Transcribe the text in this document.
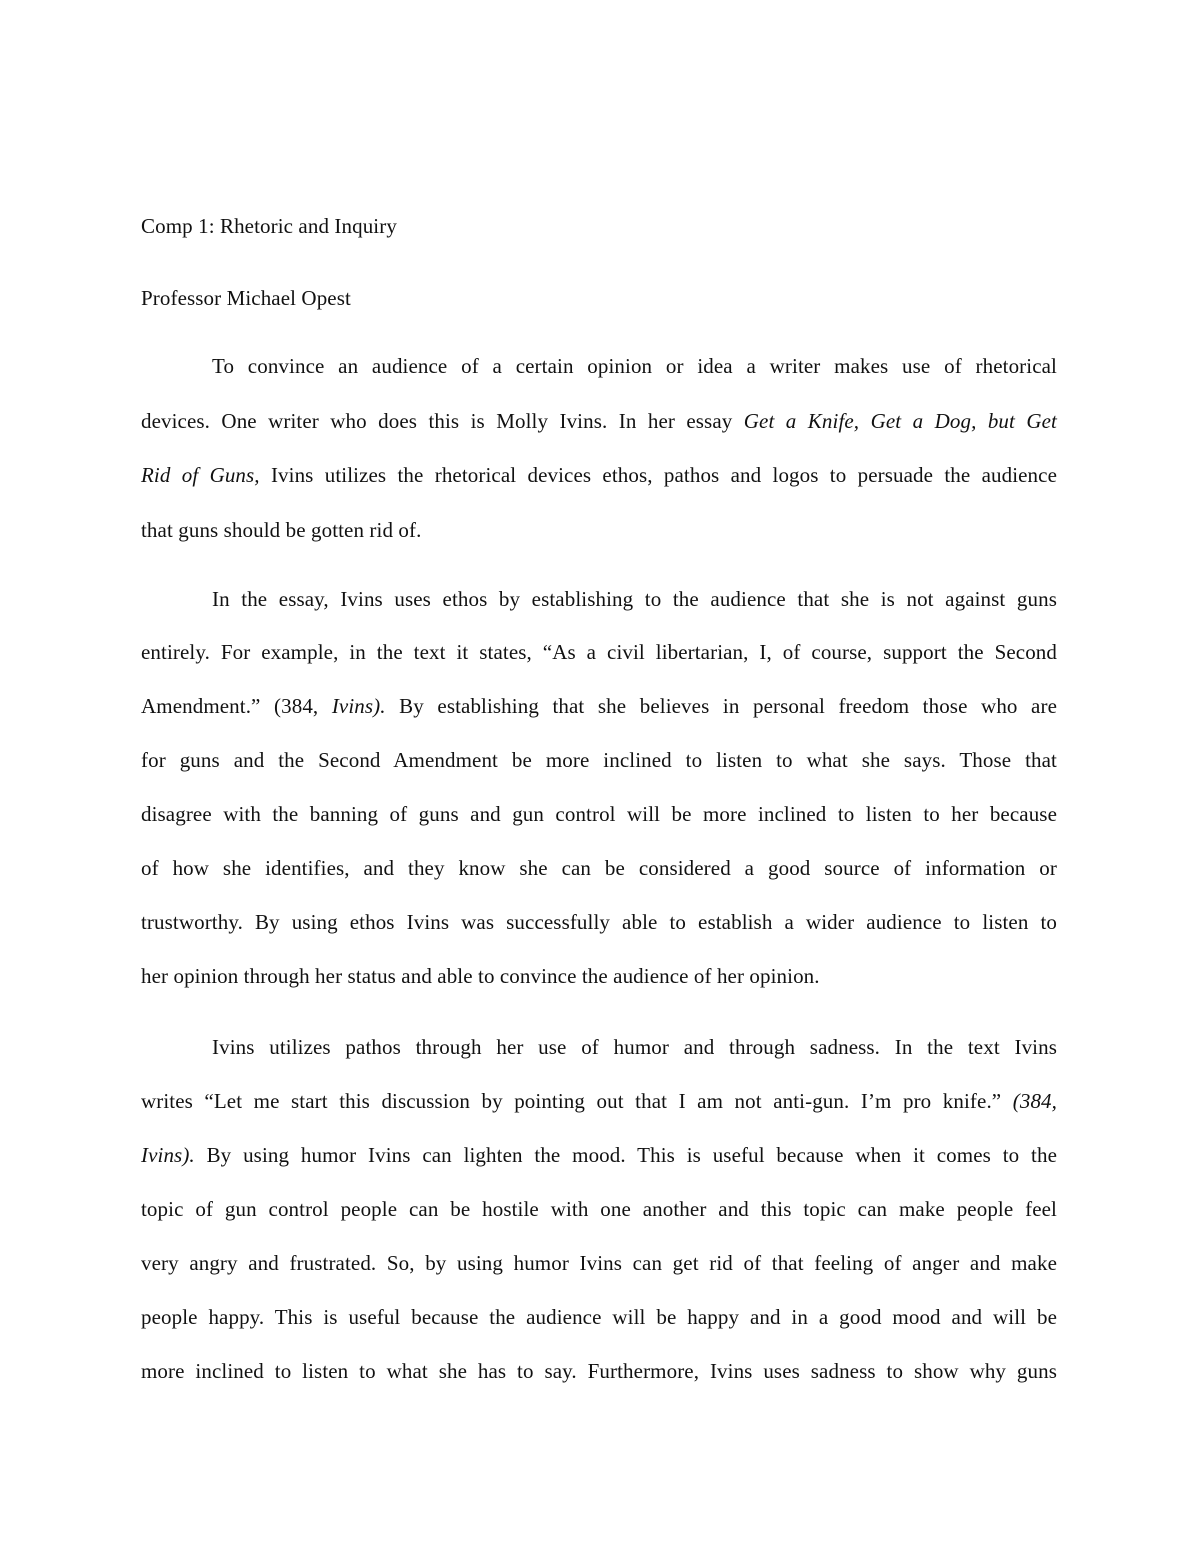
Comp 1: Rhetoric and Inquiry
Professor Michael Opest
To convince an audience of a certain opinion or idea a writer makes use of rhetorical
devices. One writer who does this is Molly Ivins. In her essay Get a Knife, Get a Dog, but Get
Rid of Guns, Ivins utilizes the rhetorical devices ethos, pathos and logos to persuade the audience
that guns should be gotten rid of.
In the essay, Ivins uses ethos by establishing to the audience that she is not against guns
entirely. For example, in the text it states, “As a civil libertarian, I, of course, support the Second
Amendment.” (384, Ivins). By establishing that she believes in personal freedom those who are
for guns and the Second Amendment be more inclined to listen to what she says. Those that
disagree with the banning of guns and gun control will be more inclined to listen to her because
of how she identifies, and they know she can be considered a good source of information or
trustworthy. By using ethos Ivins was successfully able to establish a wider audience to listen to
her opinion through her status and able to convince the audience of her opinion.
Ivins utilizes pathos through her use of humor and through sadness. In the text Ivins
writes “Let me start this discussion by pointing out that I am not anti-gun. I’m pro knife.” (384,
Ivins). By using humor Ivins can lighten the mood. This is useful because when it comes to the
topic of gun control people can be hostile with one another and this topic can make people feel
very angry and frustrated. So, by using humor Ivins can get rid of that feeling of anger and make
people happy. This is useful because the audience will be happy and in a good mood and will be
more inclined to listen to what she has to say. Furthermore, Ivins uses sadness to show why guns
